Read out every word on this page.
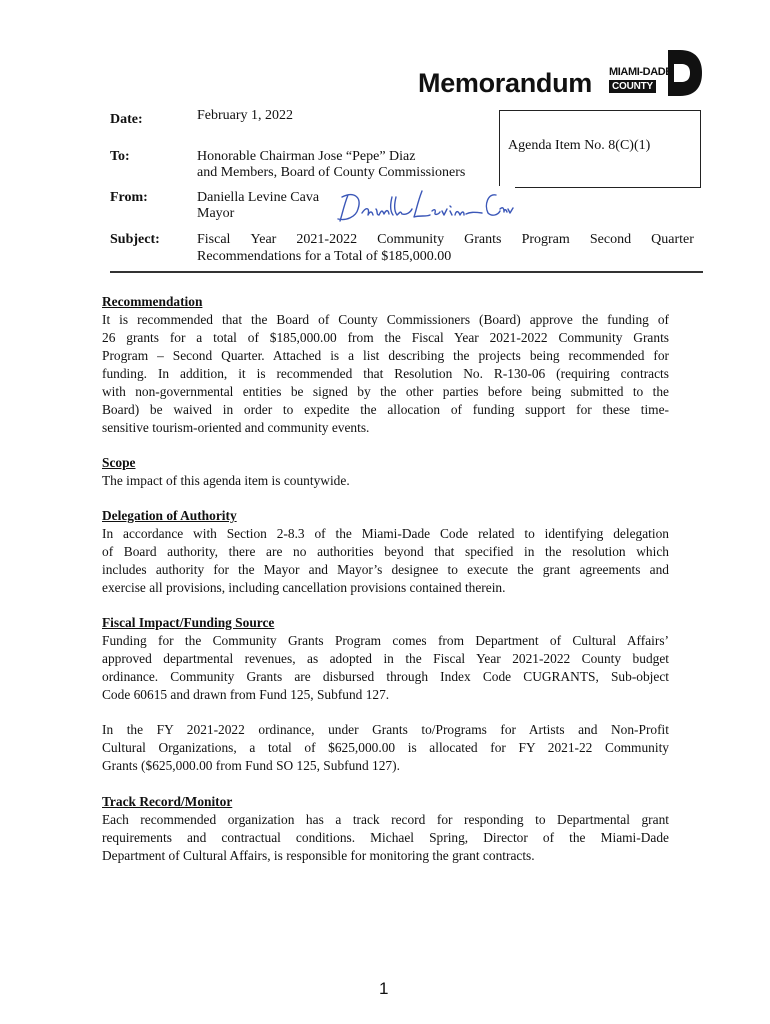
Memorandum MIAMI-DADE
COUNTY
Date:	February 1, 2022
To:	Honorable Chairman Jose “Pepe” Diaz
and Members, Board of County Commissioners
Agenda Item No. 8(C)(1)
From:	Daniella Levine Cava
Mayor
Subject:	Fiscal Year 2021-2022 Community Grants Program Second Quarter
Recommendations for a Total of $185,000.00
Recommendation
It is recommended that the Board of County Commissioners (Board) approve the funding of
26 grants for a total of $185,000.00 from the Fiscal Year 2021-2022 Community Grants
Program – Second Quarter. Attached is a list describing the projects being recommended for
funding. In addition, it is recommended that Resolution No. R-130-06 (requiring contracts
with non-governmental entities be signed by the other parties before being submitted to the
Board) be waived in order to expedite the allocation of funding support for these time-
sensitive tourism-oriented and community events.
Scope
The impact of this agenda item is countywide.
Delegation of Authority
In accordance with Section 2-8.3 of the Miami-Dade Code related to identifying delegation
of Board authority, there are no authorities beyond that specified in the resolution which
includes authority for the Mayor and Mayor’s designee to execute the grant agreements and
exercise all provisions, including cancellation provisions contained therein.
Fiscal Impact/Funding Source
Funding for the Community Grants Program comes from Department of Cultural Affairs’
approved departmental revenues, as adopted in the Fiscal Year 2021-2022 County budget
ordinance. Community Grants are disbursed through Index Code CUGRANTS, Sub-object
Code 60615 and drawn from Fund 125, Subfund 127.
In the FY 2021-2022 ordinance, under Grants to/Programs for Artists and Non-Profit
Cultural Organizations, a total of $625,000.00 is allocated for FY 2021-22 Community
Grants ($625,000.00 from Fund SO 125, Subfund 127).
Track Record/Monitor
Each recommended organization has a track record for responding to Departmental grant
requirements and contractual conditions. Michael Spring, Director of the Miami-Dade
Department of Cultural Affairs, is responsible for monitoring the grant contracts.
1
